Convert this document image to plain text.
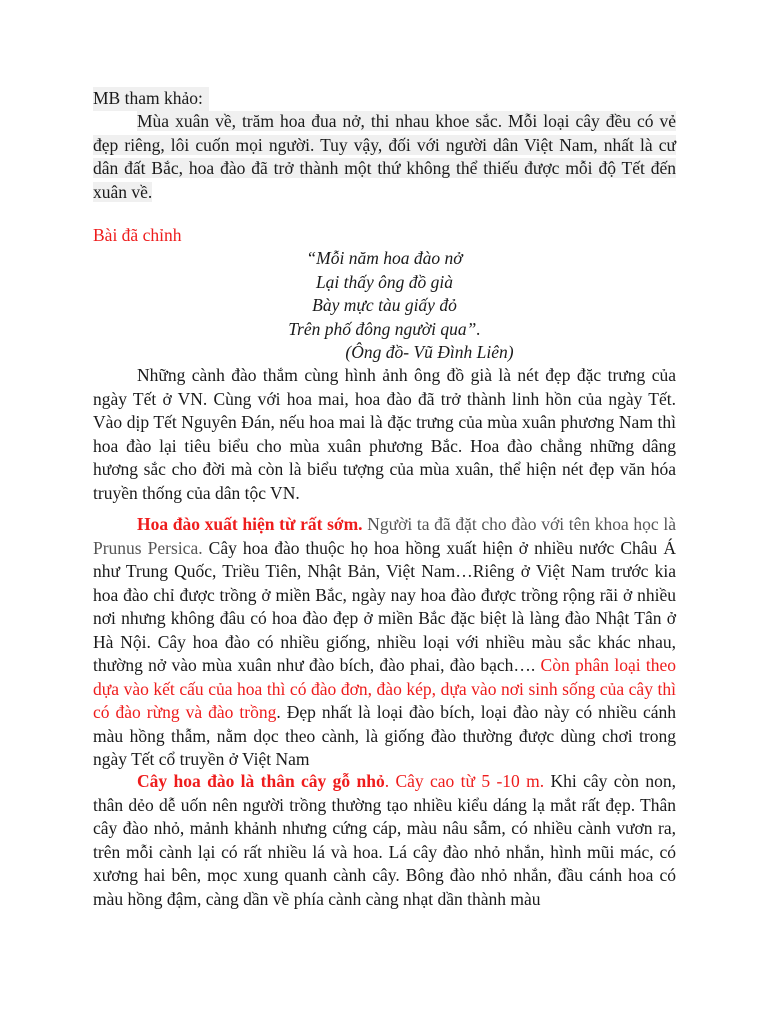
MB tham khảo:
Mùa xuân về, trăm hoa đua nở, thi nhau khoe sắc. Mỗi loại cây đều có vẻ đẹp riêng, lôi cuốn mọi người. Tuy vậy, đối với người dân Việt Nam, nhất là cư dân đất Bắc, hoa đào đã trở thành một thứ không thể thiếu được mỗi độ Tết đến xuân về.
Bài đã chỉnh
“Mỗi năm hoa đào nở
Lại thấy ông đồ già
Bày mực tàu giấy đỏ
Trên phố đông người qua”.
(Ông đồ- Vũ Đình Liên)
Những cành đào thắm cùng hình ảnh ông đồ già là nét đẹp đặc trưng của ngày Tết ở VN. Cùng với hoa mai, hoa đào đã trở thành linh hồn của ngày Tết. Vào dịp Tết Nguyên Đán, nếu hoa mai là đặc trưng của mùa xuân phương Nam thì hoa đào lại tiêu biểu cho mùa xuân phương Bắc. Hoa đào chẳng những dâng hương sắc cho đời mà còn là biểu tượng của mùa xuân, thể hiện nét đẹp văn hóa truyền thống của dân tộc VN.
Hoa đào xuất hiện từ rất sớm. Người ta đã đặt cho đào với tên khoa học là Prunus Persica. Cây hoa đào thuộc họ hoa hồng xuất hiện ở nhiều nước Châu Á như Trung Quốc, Triều Tiên, Nhật Bản, Việt Nam…Riêng ở Việt Nam trước kia hoa đào chỉ được trồng ở miền Bắc, ngày nay hoa đào được trồng rộng rãi ở nhiều nơi nhưng không đâu có hoa đào đẹp ở miền Bắc đặc biệt là làng đào Nhật Tân ở Hà Nội. Cây hoa đào có nhiều giống, nhiều loại với nhiều màu sắc khác nhau, thường nở vào mùa xuân như đào bích, đào phai, đào bạch…. Còn phân loại theo dựa vào kết cấu của hoa thì có đào đơn, đào kép, dựa vào nơi sinh sống của cây thì có đào rừng và đào trồng. Đẹp nhất là loại đào bích, loại đào này có nhiều cánh màu hồng thẫm, nằm dọc theo cành, là giống đào thường được dùng chơi trong ngày Tết cổ truyền ở Việt Nam
Cây hoa đào là thân cây gỗ nhỏ. Cây cao từ 5 -10 m. Khi cây còn non, thân dẻo dễ uốn nên người trồng thường tạo nhiều kiểu dáng lạ mắt rất đẹp. Thân cây đào nhỏ, mảnh khảnh nhưng cứng cáp, màu nâu sẫm, có nhiều cành vươn ra, trên mỗi cành lại có rất nhiều lá và hoa. Lá cây đào nhỏ nhắn, hình mũi mác, có xương hai bên, mọc xung quanh cành cây. Bông đào nhỏ nhắn, đầu cánh hoa có màu hồng đậm, càng dần về phía cành càng nhạt dần thành màu
